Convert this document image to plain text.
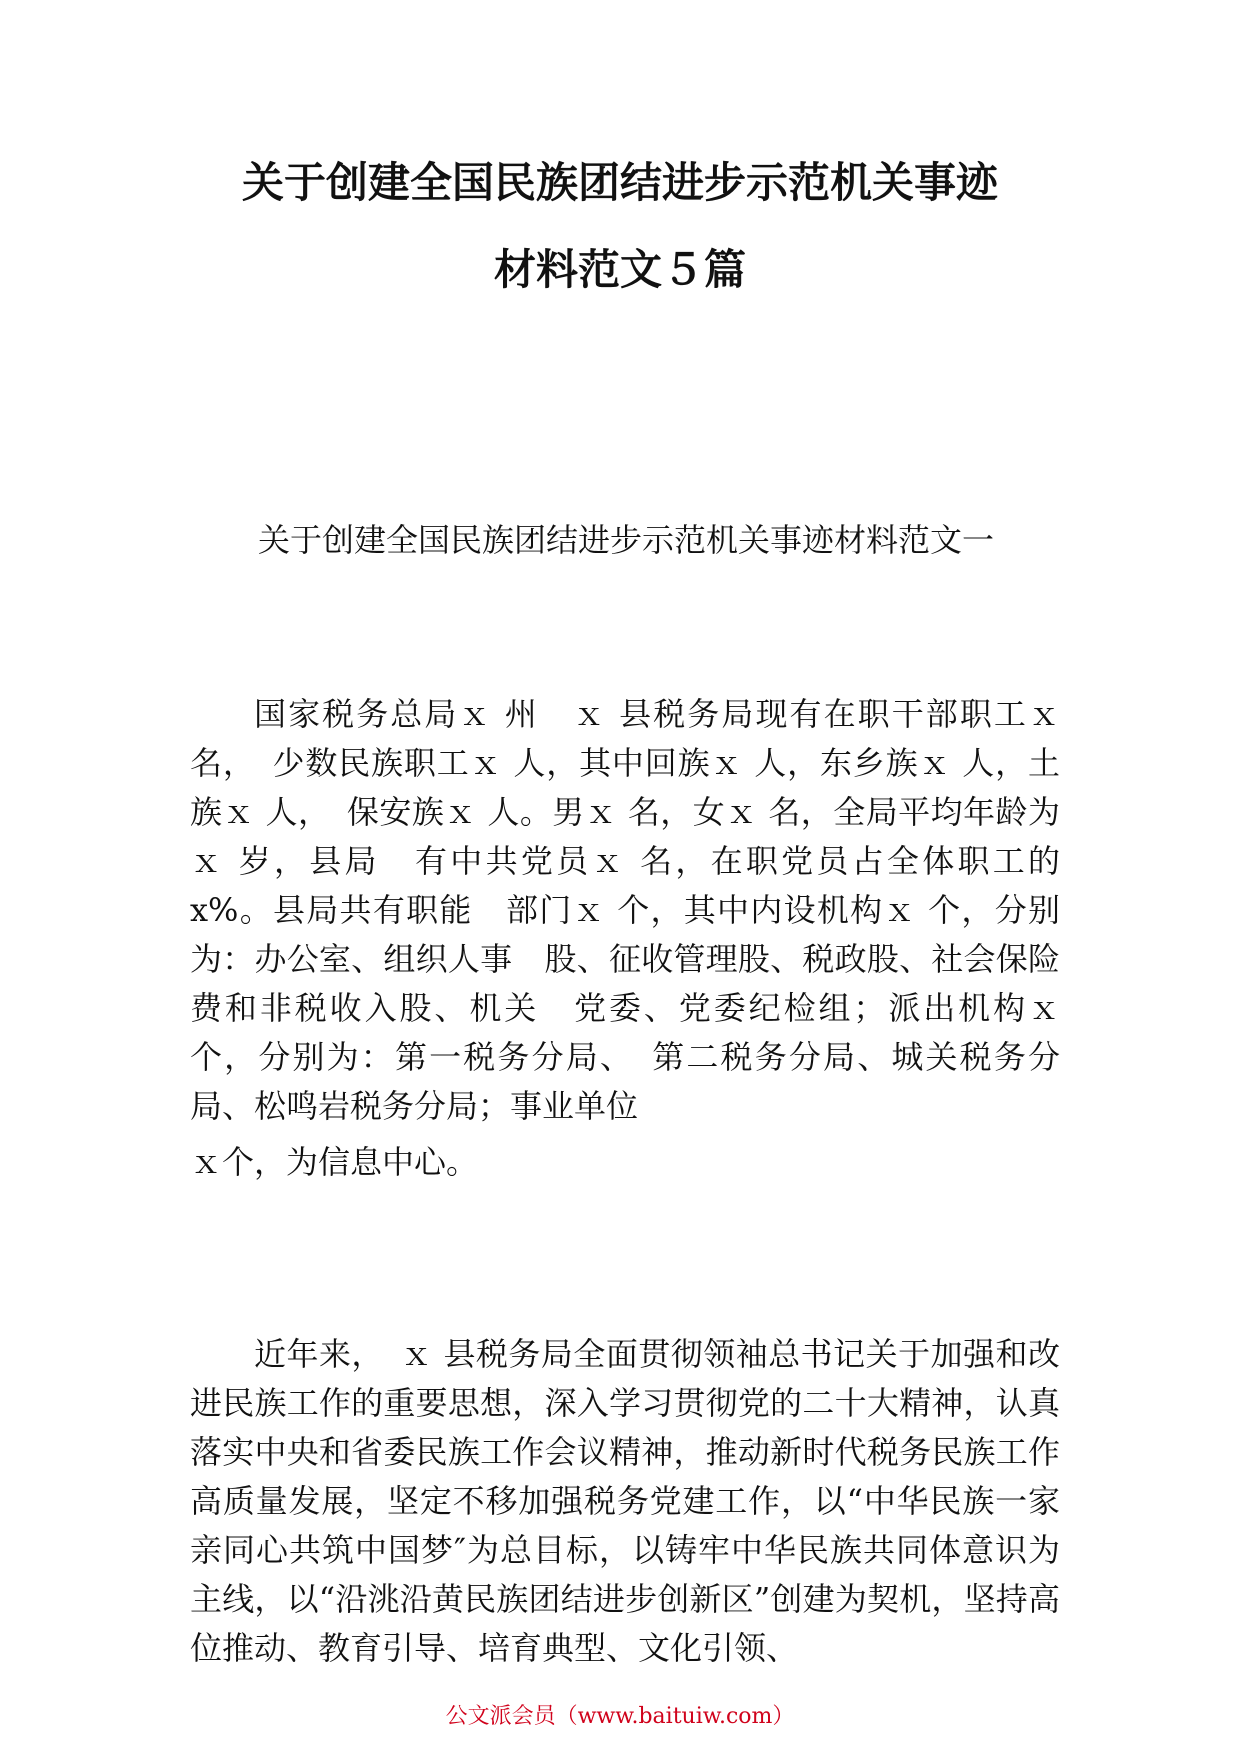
关于创建全国民族团结进步示范机关事迹
材料范文５篇

关于创建全国民族团结进步示范机关事迹材料范文一

国家税务总局ｘ 州　ｘ 县税务局现有在职干部职工ｘ 名，　少数民族职工ｘ 人，其中回族ｘ 人，东乡族ｘ 人，土族ｘ 人，　保安族ｘ 人。男ｘ 名，女ｘ 名，全局平均年龄为ｘ 岁，县局　有中共党员ｘ 名，在职党员占全体职工的 x%。县局共有职能　部门ｘ 个，其中内设机构ｘ 个，分别为：办公室、组织人事　股、征收管理股、税政股、社会保险费和非税收入股、机关　党委、党委纪检组；派出机构ｘ 个，分别为：第一税务分局、　第二税务分局、城关税务分局、松鸣岩税务分局；事业单位

ｘ个，为信息中心。

近年来，　ｘ 县税务局全面贯彻领袖总书记关于加强和改进民族工作的重要思想，深入学习贯彻党的二十大精神，认真落实中央和省委民族工作会议精神，推动新时代税务民族工作高质量发展，坚定不移加强税务党建工作，以“中华民族一家亲同心共筑中国梦″为总目标，以铸牢中华民族共同体意识为主线，以“沿洮沿黄民族团结进步创新区”创建为契机，坚持高位推动、教育引导、培育典型、文化引领、

公文派会员（www.baituiw.com）
